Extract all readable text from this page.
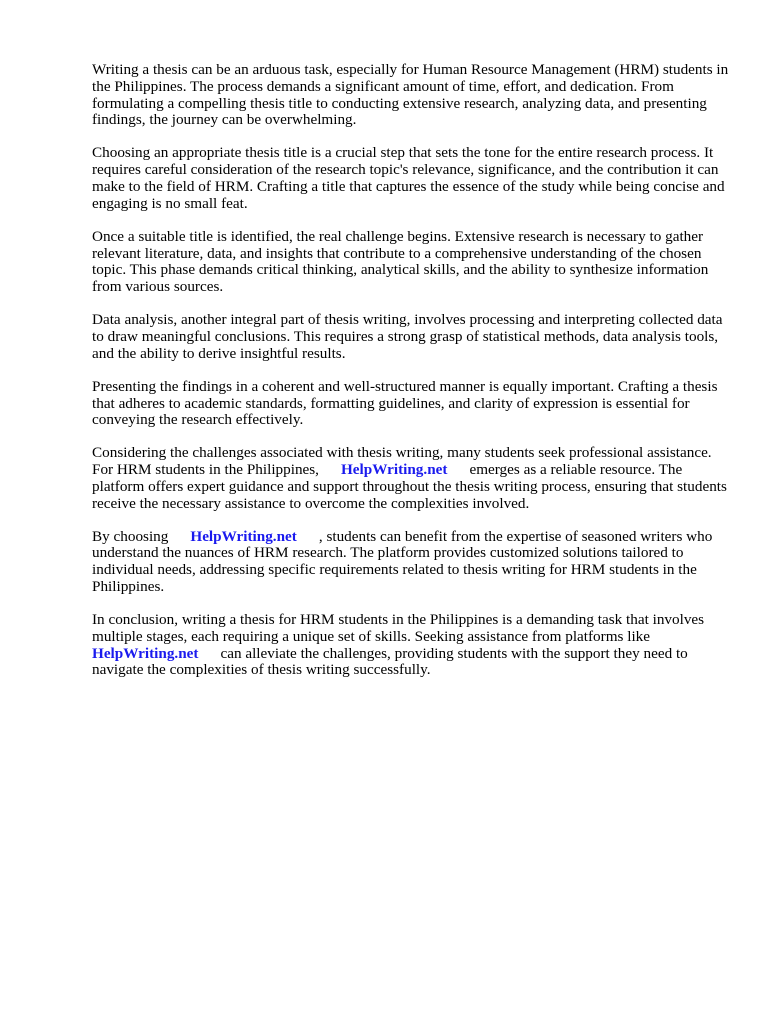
Writing a thesis can be an arduous task, especially for Human Resource Management (HRM) students in the Philippines. The process demands a significant amount of time, effort, and dedication. From formulating a compelling thesis title to conducting extensive research, analyzing data, and presenting findings, the journey can be overwhelming.

Choosing an appropriate thesis title is a crucial step that sets the tone for the entire research process. It requires careful consideration of the research topic's relevance, significance, and the contribution it can make to the field of HRM. Crafting a title that captures the essence of the study while being concise and engaging is no small feat.

Once a suitable title is identified, the real challenge begins. Extensive research is necessary to gather relevant literature, data, and insights that contribute to a comprehensive understanding of the chosen topic. This phase demands critical thinking, analytical skills, and the ability to synthesize information from various sources.

Data analysis, another integral part of thesis writing, involves processing and interpreting collected data to draw meaningful conclusions. This requires a strong grasp of statistical methods, data analysis tools, and the ability to derive insightful results.

Presenting the findings in a coherent and well-structured manner is equally important. Crafting a thesis that adheres to academic standards, formatting guidelines, and clarity of expression is essential for conveying the research effectively.

Considering the challenges associated with thesis writing, many students seek professional assistance. For HRM students in the Philippines, HelpWriting.net emerges as a reliable resource. The platform offers expert guidance and support throughout the thesis writing process, ensuring that students receive the necessary assistance to overcome the complexities involved.

By choosing HelpWriting.net , students can benefit from the expertise of seasoned writers who understand the nuances of HRM research. The platform provides customized solutions tailored to individual needs, addressing specific requirements related to thesis writing for HRM students in the Philippines.

In conclusion, writing a thesis for HRM students in the Philippines is a demanding task that involves multiple stages, each requiring a unique set of skills. Seeking assistance from platforms like HelpWriting.net can alleviate the challenges, providing students with the support they need to navigate the complexities of thesis writing successfully.
